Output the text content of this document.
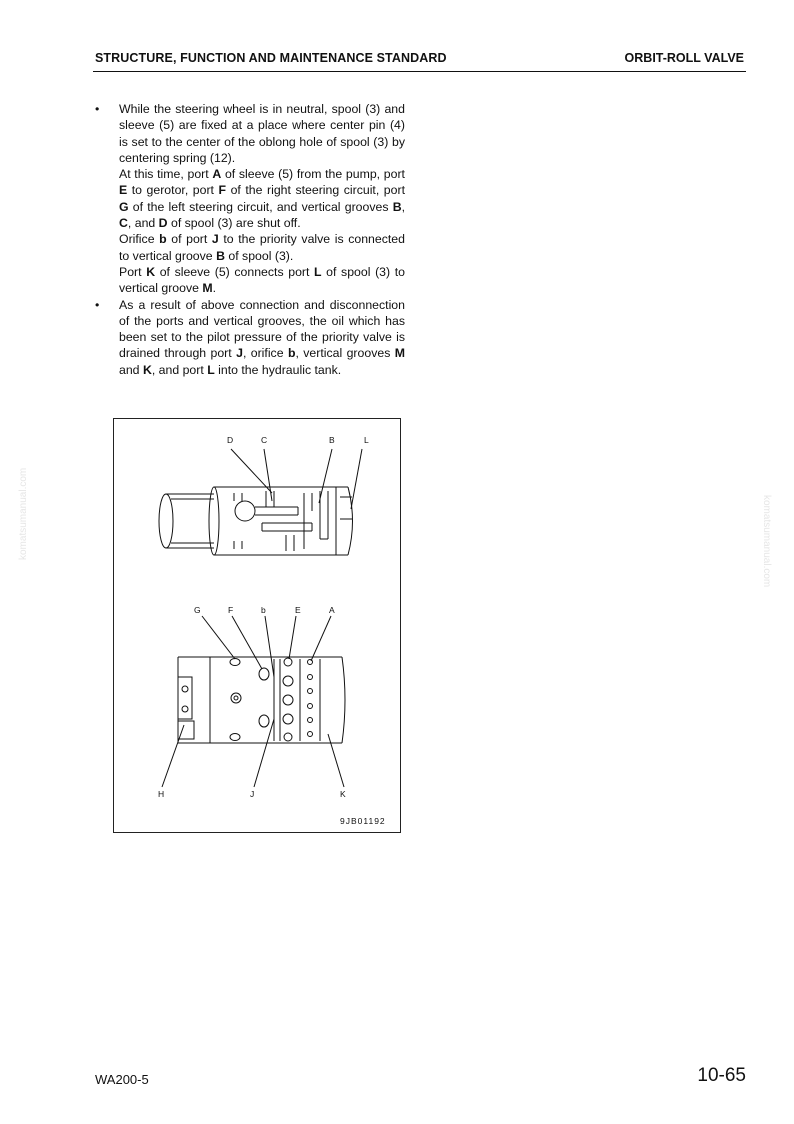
STRUCTURE, FUNCTION AND MAINTENANCE STANDARD	ORBIT-ROLL VALVE
•	While the steering wheel is in neutral, spool (3) and sleeve (5) are fixed at a place where center pin (4) is set to the center of the oblong hole of spool (3) by centering spring (12).

At this time, port A of sleeve (5) from the pump, port E to gerotor, port F of the right steering circuit, port G of the left steering circuit, and vertical grooves B, C, and D of spool (3) are shut off.

Orifice b of port J to the priority valve is connected to vertical groove B of spool (3).

Port K of sleeve (5) connects port L of spool (3) to vertical groove M.

•	As a result of above connection and disconnection of the ports and vertical grooves, the oil which has been set to the pilot pressure of the priority valve is drained through port J, orifice b, vertical grooves M and K, and port L into the hydraulic tank.

D	C	B	L
G	F	b	E	A
H	J	K
9JB01192
komatsumanual.com	komatsumanual.com
WA200-5	10-65
